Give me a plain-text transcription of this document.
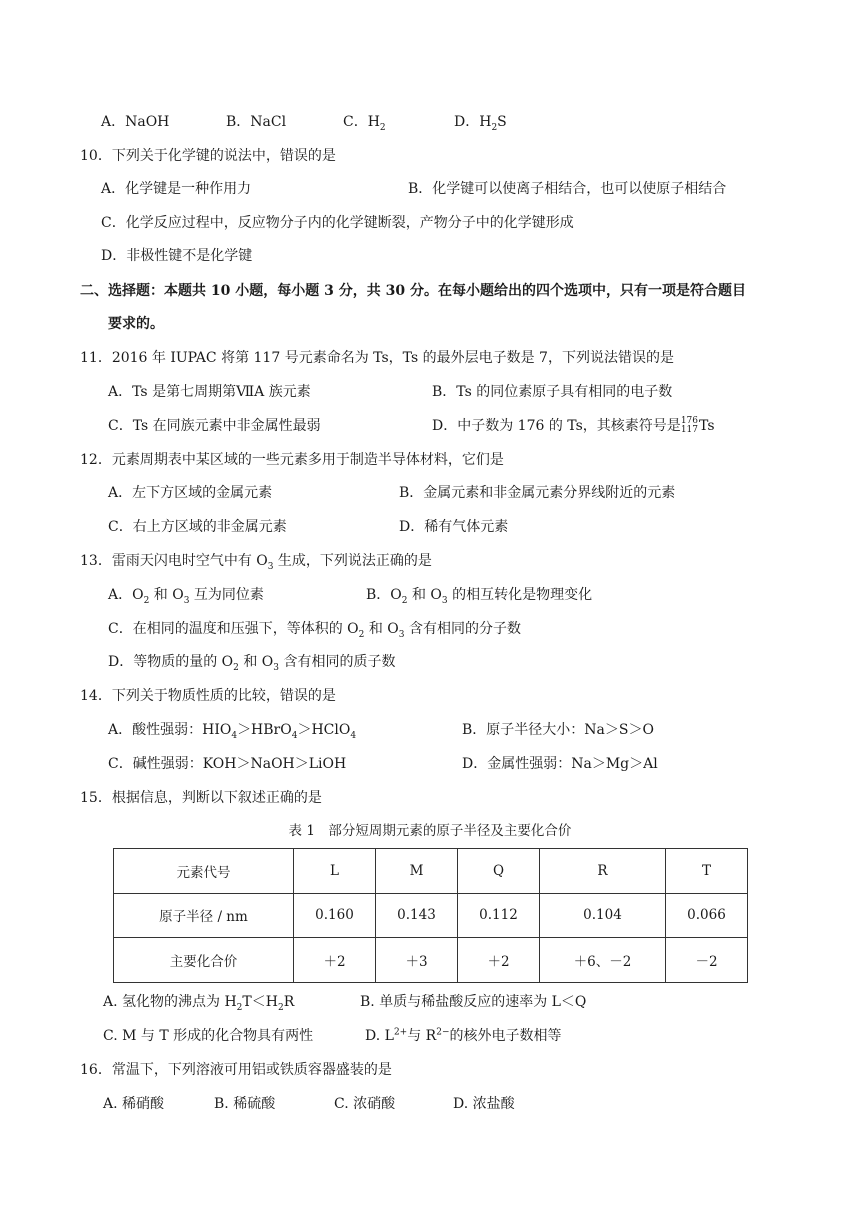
A．NaOH	B．NaCl	C．$H_2$	D．$H_2S$
10．下列关于化学键的说法中，错误的是
A．化学键是一种作用力	B．化学键可以使离子相结合，也可以使原子相结合
C．化学反应过程中，反应物分子内的化学键断裂，产物分子中的化学键形成
D．非极性键不是化学键
二、选择题：本题共 10 小题，每小题 3 分，共 30 分。在每小题给出的四个选项中，只有一项是符合题目
要求的。
11．2016 年 IUPAC 将第 117 号元素命名为 Ts，Ts 的最外层电子数是 7，下列说法错误的是
A．Ts 是第七周期第ⅦA 族元素	B．Ts 的同位素原子具有相同的电子数
C．Ts 在同族元素中非金属性最弱	D．中子数为 176 的 Ts，其核素符号是 176
117 Ts
12．元素周期表中某区域的一些元素多用于制造半导体材料，它们是
A．左下方区域的金属元素	B．金属元素和非金属元素分界线附近的元素
C．右上方区域的非金属元素	D．稀有气体元素
13．雷雨天闪电时空气中有 $O_3$ 生成，下列说法正确的是
A．$O_2$ 和 $O_3$ 互为同位素	B．$O_2$ 和 $O_3$ 的相互转化是物理变化
C．在相同的温度和压强下，等体积的 $O_2$ 和 $O_3$ 含有相同的分子数
D．等物质的量的 $O_2$ 和 $O_3$ 含有相同的质子数
14．下列关于物质性质的比较，错误的是
A．酸性强弱：$HIO_4>HBrO_4>HClO_4$	B．原子半径大小：Na＞S＞O
C．碱性强弱：KOH＞NaOH＞LiOH	D．金属性强弱：Na＞Mg＞Al
15．根据信息，判断以下叙述正确的是
表 1　部分短周期元素的原子半径及主要化合价
元素代号	L	M	Q	R	T
原子半径 / nm	0.160	0.143	0.112	0.104	0.066
主要化合价	＋2	＋3	＋2	＋6、－2	－2
A. 氢化物的沸点为 $H_2T<H_2R$	B. 单质与稀盐酸反应的速率为 L＜Q
C. M 与 T 形成的化合物具有两性	D. $L^{2+}$与 $R^{2-}$的核外电子数相等
16．常温下，下列溶液可用铝或铁质容器盛装的是
A. 稀硝酸	B. 稀硫酸	C. 浓硝酸	D. 浓盐酸
